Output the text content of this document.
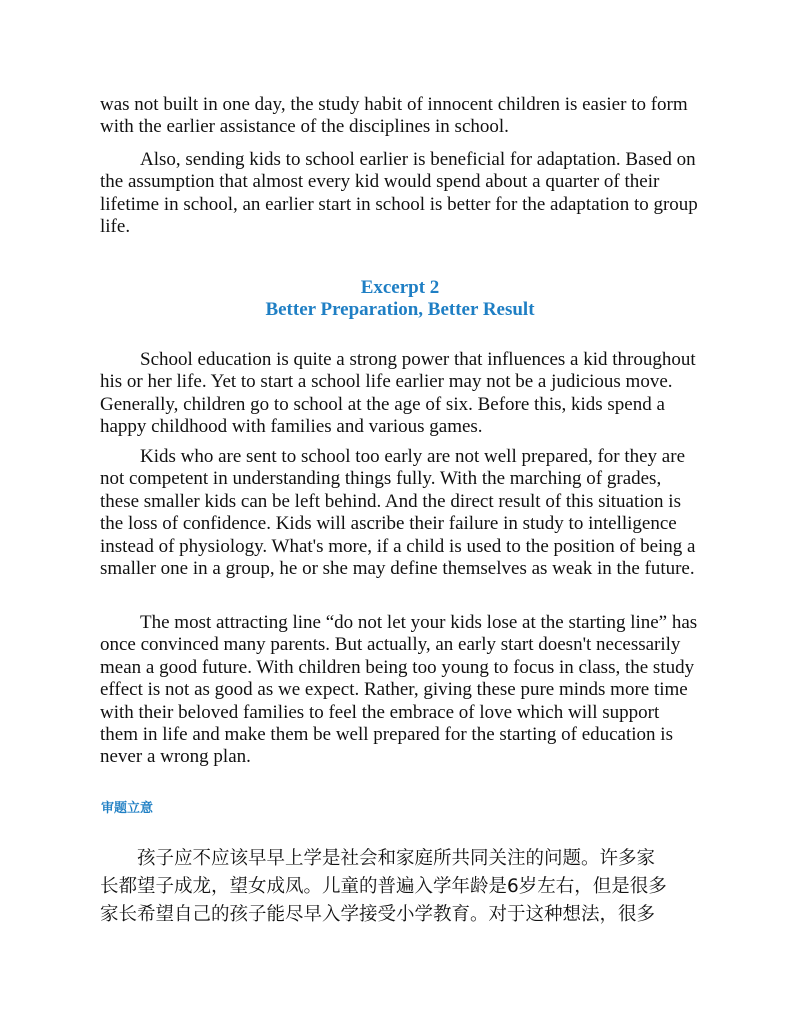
was not built in one day, the study habit of innocent children is easier to form with the earlier assistance of the disciplines in school.

Also, sending kids to school earlier is beneficial for adaptation. Based on the assumption that almost every kid would spend about a quarter of their lifetime in school, an earlier start in school is better for the adaptation to group life.

Excerpt 2

Better Preparation, Better Result

School education is quite a strong power that influences a kid throughout his or her life. Yet to start a school life earlier may not be a judicious move. Generally, children go to school at the age of six. Before this, kids spend a happy childhood with families and various games.

Kids who are sent to school too early are not well prepared, for they are not competent in understanding things fully. With the marching of grades, these smaller kids can be left behind. And the direct result of this situation is the loss of confidence. Kids will ascribe their failure in study to intelligence instead of physiology. What's more, if a child is used to the position of being a smaller one in a group, he or she may define themselves as weak in the future.

The most attracting line “do not let your kids lose at the starting line” has once convinced many parents. But actually, an early start doesn't necessarily mean a good future. With children being too young to focus in class, the study effect is not as good as we expect. Rather, giving these pure minds more time with their beloved families to feel the embrace of love which will support them in life and make them be well prepared for the starting of education is never a wrong plan.

审题立意

　　孩子应不应该早早上学是社会和家庭所共同关注的问题。许多家
长都望子成龙，望女成凤。儿童的普遍入学年龄是6岁左右，但是很多
家长希望自己的孩子能尽早入学接受小学教育。对于这种想法，很多
